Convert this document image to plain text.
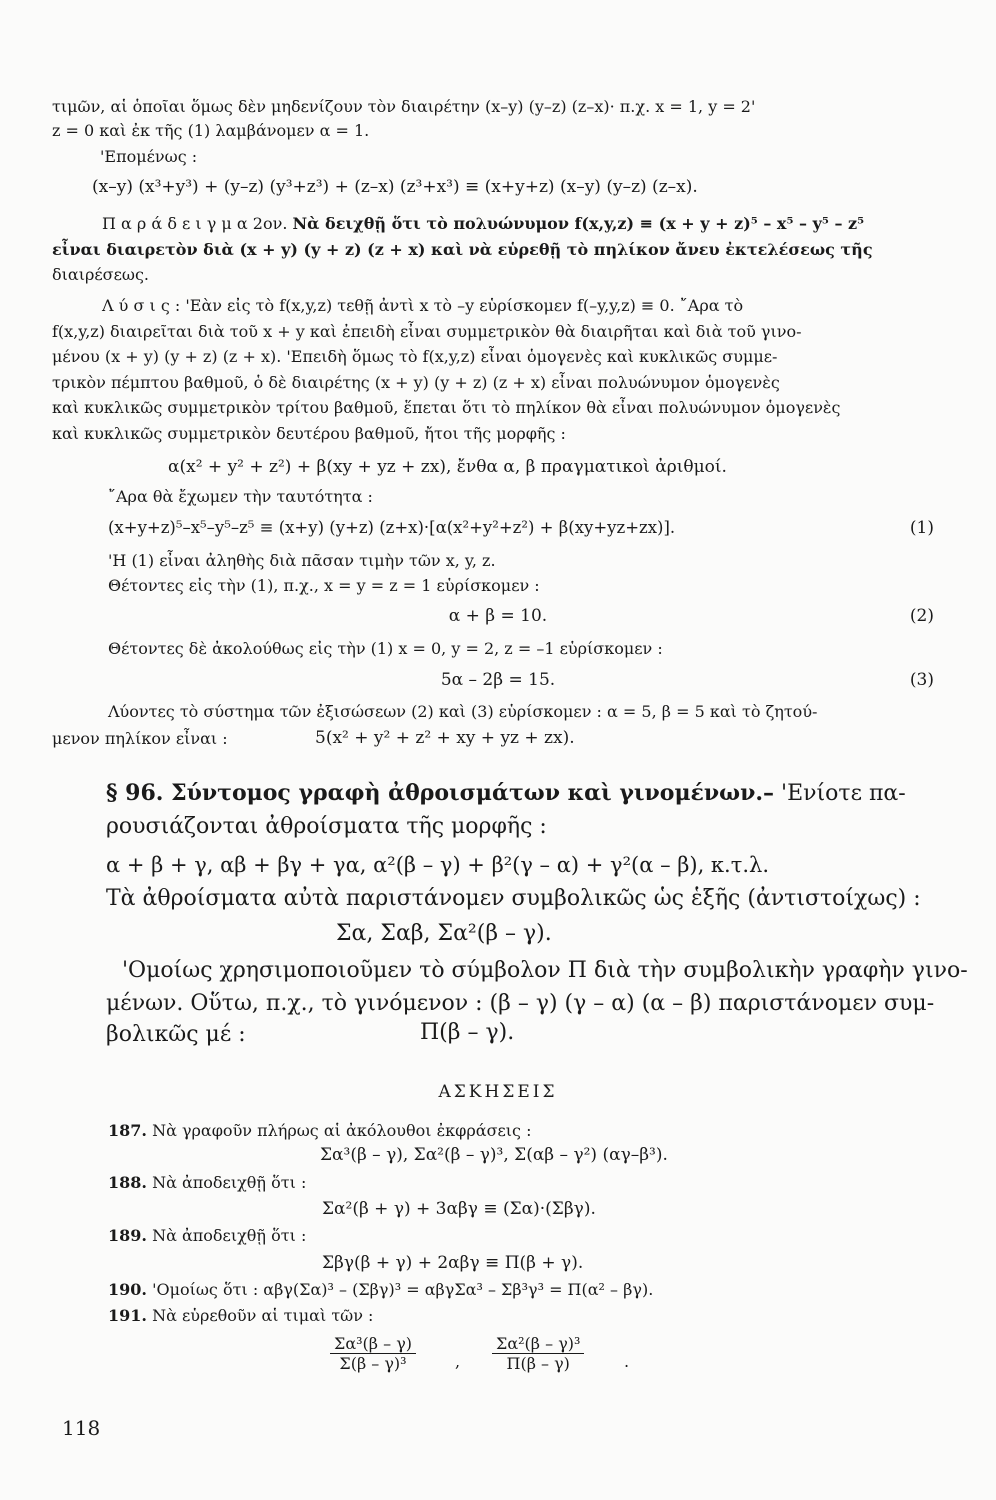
τιμῶν, αἱ ὁποῖαι ὅμως δὲν μηδενίζουν τὸν διαιρέτην (x–y) (y–z) (z–x)· π.χ. x = 1, y = 2'
z = 0 καὶ ἐκ τῆς (1) λαμβάνομεν α = 1.
'Επομένως :
(x–y) (x³+y³) + (y–z) (y³+z³) + (z–x) (z³+x³) ≡ (x+y+z) (x–y) (y–z) (z–x).
Π α ρ ά δ ε ι γ μ α 2ον. Νὰ δειχθῇ ὅτι τὸ πολυώνυμον f(x,y,z) ≡ (x + y + z)⁵ – x⁵ – y⁵ – z⁵
εἶναι διαιρετὸν διὰ (x + y) (y + z) (z + x) καὶ νὰ εὑρεθῇ τὸ πηλίκον ἄνευ ἐκτελέσεως τῆς
διαιρέσεως.
Λ ύ σ ι ς : 'Εὰν εἰς τὸ f(x,y,z) τεθῇ ἀντὶ x τὸ –y εὑρίσκομεν f(–y,y,z) ≡ 0. ῎Αρα τὸ
f(x,y,z) διαιρεῖται διὰ τοῦ x + y καὶ ἐπειδὴ εἶναι συμμετρικὸν θὰ διαιρῆται καὶ διὰ τοῦ γινο-
μένου (x + y) (y + z) (z + x). 'Επειδὴ ὅμως τὸ f(x,y,z) εἶναι ὁμογενὲς καὶ κυκλικῶς συμμε-
τρικὸν πέμπτου βαθμοῦ, ὁ δὲ διαιρέτης (x + y) (y + z) (z + x) εἶναι πολυώνυμον ὁμογενὲς
καὶ κυκλικῶς συμμετρικὸν τρίτου βαθμοῦ, ἕπεται ὅτι τὸ πηλίκον θὰ εἶναι πολυώνυμον ὁμογενὲς
καὶ κυκλικῶς συμμετρικὸν δευτέρου βαθμοῦ, ἤτοι τῆς μορφῆς :
α(x² + y² + z²) + β(xy + yz + zx), ἔνθα α, β πραγματικοὶ ἀριθμοί.
῎Αρα θὰ ἔχωμεν τὴν ταυτότητα :
(x+y+z)⁵–x⁵–y⁵–z⁵ ≡ (x+y) (y+z) (z+x)·[α(x²+y²+z²) + β(xy+yz+zx)].	(1)
'Η (1) εἶναι ἀληθὴς διὰ πᾶσαν τιμὴν τῶν x, y, z.
Θέτοντες εἰς τὴν (1), π.χ., x = y = z = 1 εὑρίσκομεν :
α + β = 10.	(2)
Θέτοντες δὲ ἀκολούθως εἰς τὴν (1) x = 0, y = 2, z = –1 εὑρίσκομεν :
5α – 2β = 15.	(3)
Λύοντες τὸ σύστημα τῶν ἐξισώσεων (2) καὶ (3) εὑρίσκομεν : α = 5, β = 5 καὶ τὸ ζητού-
μενον πηλίκον εἶναι :	5(x² + y² + z² + xy + yz + zx).
§ 96. Σύντομος γραφὴ ἀθροισμάτων καὶ γινομένων.– 'Ενίοτε πα-
ρουσιάζονται ἀθροίσματα τῆς μορφῆς :
α + β + γ, αβ + βγ + γα, α²(β – γ) + β²(γ – α) + γ²(α – β), κ.τ.λ.
Τὰ ἀθροίσματα αὐτὰ παριστάνομεν συμβολικῶς ὡς ἑξῆς (ἀντιστοίχως) :
Σα, Σαβ, Σα²(β – γ).
'Ομοίως χρησιμοποιοῦμεν τὸ σύμβολον Π διὰ τὴν συμβολικὴν γραφὴν γινο-
μένων. Οὕτω, π.χ., τὸ γινόμενον : (β – γ) (γ – α) (α – β) παριστάνομεν συμ-
βολικῶς μέ :	Π(β – γ).
ΑΣΚΗΣΕΙΣ
187. Νὰ γραφοῦν πλήρως αἱ ἀκόλουθοι ἐκφράσεις :
Σα³(β – γ), Σα²(β – γ)³, Σ(αβ – γ²) (αγ–β³).
188. Νὰ ἀποδειχθῇ ὅτι :
Σα²(β + γ) + 3αβγ ≡ (Σα)·(Σβγ).
189. Νὰ ἀποδειχθῇ ὅτι :
Σβγ(β + γ) + 2αβγ ≡ Π(β + γ).
190. 'Ομοίως ὅτι : αβγ(Σα)³ – (Σβγ)³ = αβγΣα³ – Σβ³γ³ = Π(α² – βγ).
191. Νὰ εὑρεθοῦν αἱ τιμαὶ τῶν :
$\frac{\text{Σα³(β – γ)}}{\text{Σ(β – γ)³}}$ , $\frac{\text{Σα²(β – γ)³}}{\Pi(\beta - \gamma)}$ .
118
